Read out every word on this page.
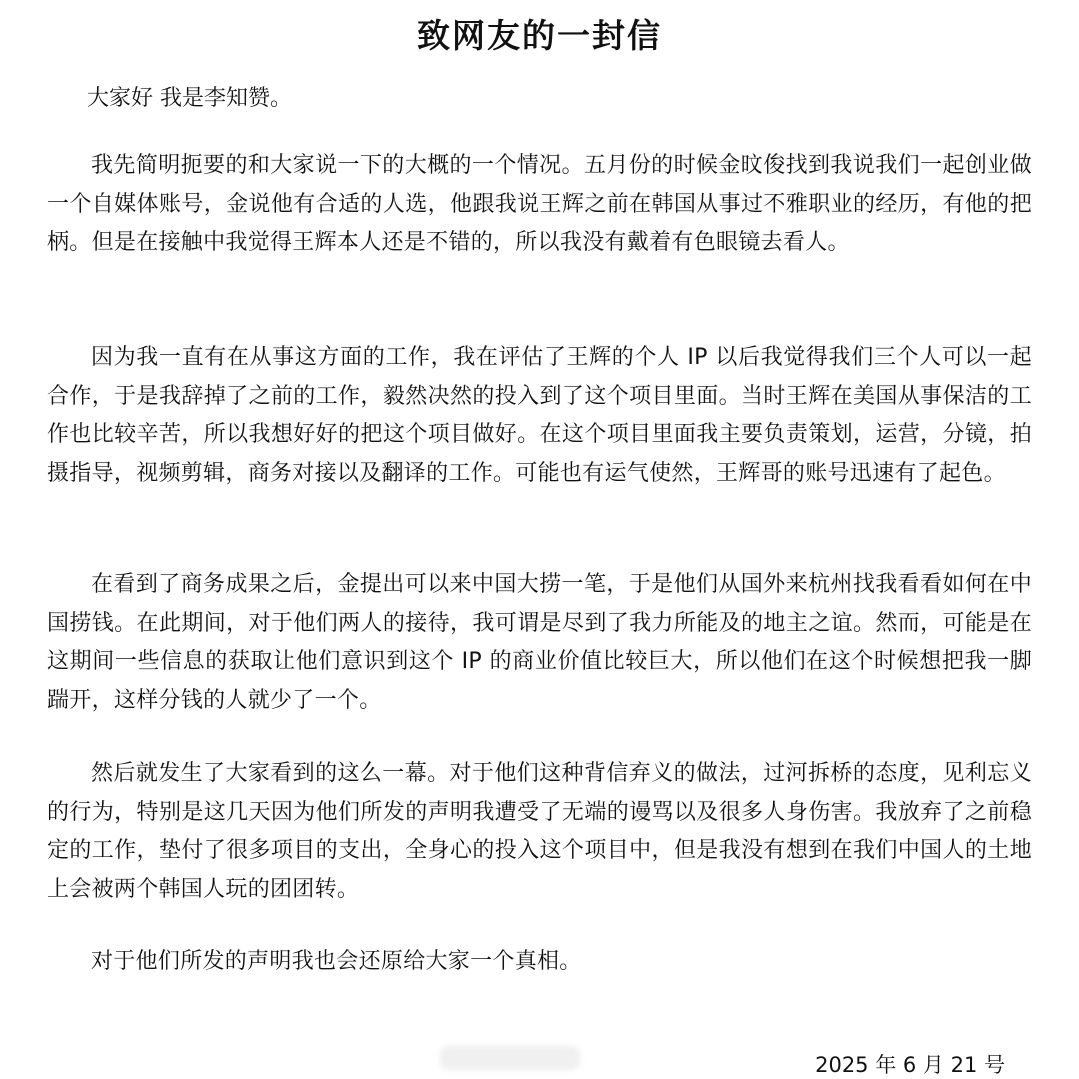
致网友的一封信

大家好 我是李知赞。

我先简明扼要的和大家说一下的大概的一个情况。五月份的时候金旼俊找到我说我们一起创业做一个自媒体账号，金说他有合适的人选，他跟我说王辉之前在韩国从事过不雅职业的经历，有他的把柄。但是在接触中我觉得王辉本人还是不错的，所以我没有戴着有色眼镜去看人。

因为我一直有在从事这方面的工作，我在评估了王辉的个人 IP 以后我觉得我们三个人可以一起合作，于是我辞掉了之前的工作，毅然决然的投入到了这个项目里面。当时王辉在美国从事保洁的工作也比较辛苦，所以我想好好的把这个项目做好。在这个项目里面我主要负责策划，运营，分镜，拍摄指导，视频剪辑，商务对接以及翻译的工作。可能也有运气使然，王辉哥的账号迅速有了起色。

在看到了商务成果之后，金提出可以来中国大捞一笔，于是他们从国外来杭州找我看看如何在中国捞钱。在此期间，对于他们两人的接待，我可谓是尽到了我力所能及的地主之谊。然而，可能是在这期间一些信息的获取让他们意识到这个 IP 的商业价值比较巨大，所以他们在这个时候想把我一脚踹开，这样分钱的人就少了一个。

然后就发生了大家看到的这么一幕。对于他们这种背信弃义的做法，过河拆桥的态度，见利忘义的行为，特别是这几天因为他们所发的声明我遭受了无端的谩骂以及很多人身伤害。我放弃了之前稳定的工作，垫付了很多项目的支出，全身心的投入这个项目中，但是我没有想到在我们中国人的土地上会被两个韩国人玩的团团转。

对于他们所发的声明我也会还原给大家一个真相。

2025 年 6 月 21 号
